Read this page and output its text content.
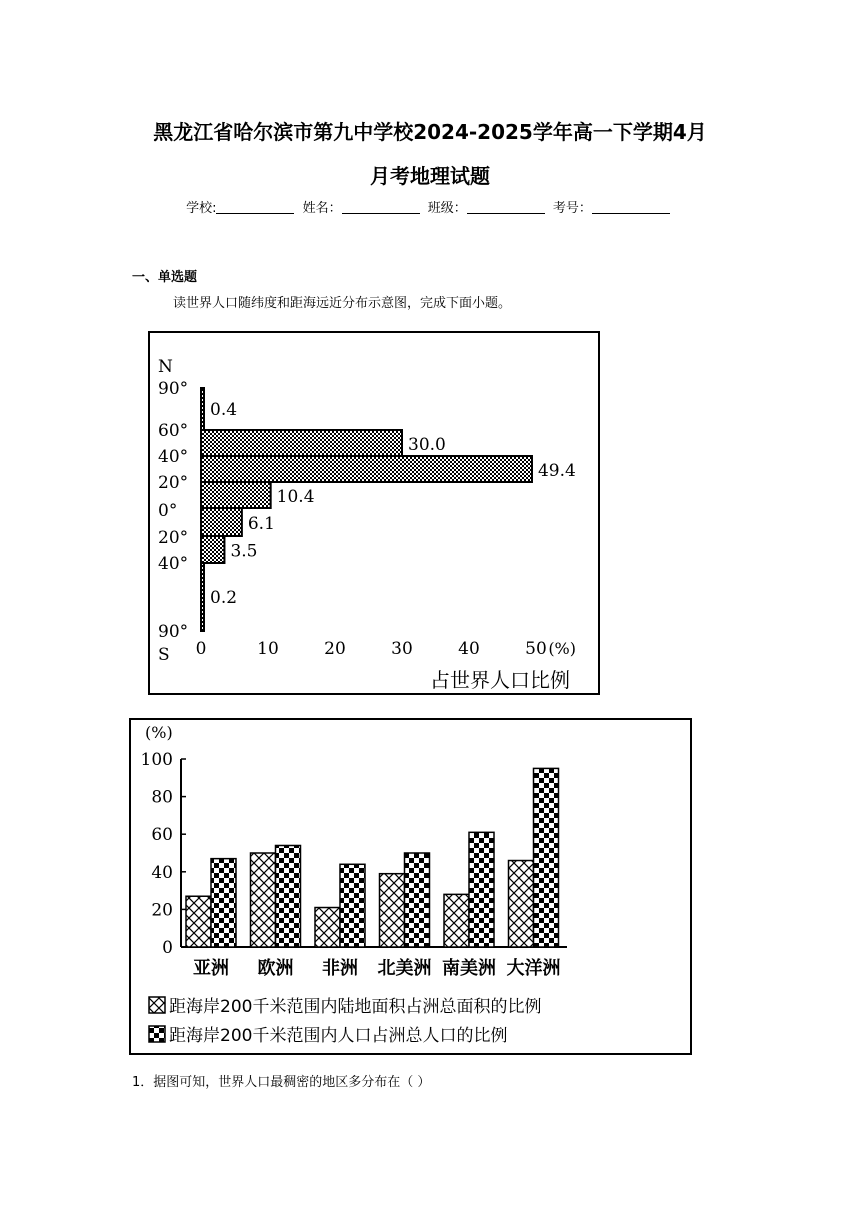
黑龙江省哈尔滨市第九中学校2024-2025学年高一下学期4月
月考地理试题
学校:	姓名：	班级：	考号：
一、单选题
读世界人口随纬度和距海远近分布示意图，完成下面小题。
N
90°
60°
40°
20°
0°
20°
40°
90°
S
0.4
30.0
49.4
10.4
6.1
3.5
0.2
0	10	20	30	40	50 (%)
占世界人口比例
(%)
0
20
40
60
80
100
亚洲 欧洲 非洲 北美洲 南美洲 大洋洲
距海岸200千米范围内陆地面积占洲总面积的比例
距海岸200千米范围内人口占洲总人口的比例
1．据图可知，世界人口最稠密的地区多分布在（ ）
